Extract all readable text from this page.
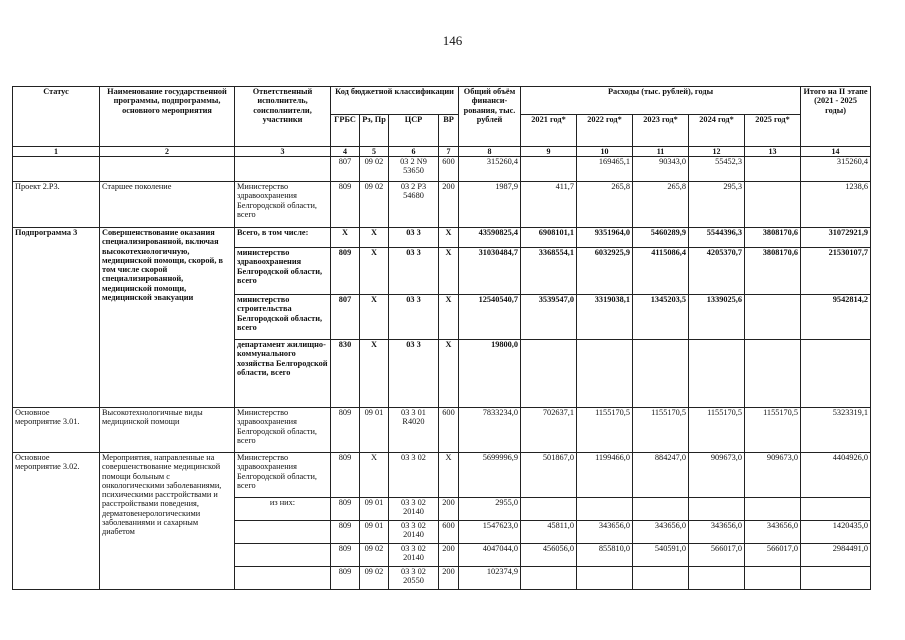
146
Статус	Наименование государственной программы, подпрограммы, основного мероприятия	Ответственный исполнитель, соисполнители, участники	Код бюджетной классификации				Общий объём финанси-рования, тыс. рублей	Расходы (тыс. рублей), годы					Итого на II этапе (2021 - 2025 годы)
			ГРБС	Рз, Пр	ЦСР	ВР		2021 год*	2022 год*	2023 год*	2024 год*	2025 год*	
1	2	3	4	5	6	7	8	9	10	11	12	13	14
			807	09 02	03 2 N9 53650	600	315260,4		169465,1	90343,0	55452,3		315260,4
Проект 2.Р3.	Старшее поколение	Министерство здравоохранения Белгородской области, всего	809	09 02	03 2 Р3 54680	200	1987,9	411,7	265,8	265,8	295,3		1238,6
Подпрограмма 3	Совершенствование оказания специализированной, включая высокотехнологичную, медицинской помощи, скорой, в том числе скорой специализированной, медицинской помощи, медицинской эвакуации	Всего, в том числе:	Х	Х	03 3	Х	43590825,4	6908101,1	9351964,0	5460289,9	5544396,3	3808170,6	31072921,9
		министерство здравоохранения Белгородской области, всего	809	Х	03 3	Х	31030484,7	3368554,1	6032925,9	4115086,4	4205370,7	3808170,6	21530107,7
		министерство строительства Белгородской области, всего	807	Х	03 3	Х	12540540,7	3539547,0	3319038,1	1345203,5	1339025,6		9542814,2
		департамент жилищно-коммунального хозяйства Белгородской области, всего	830	Х	03 3	Х	19800,0						
Основное мероприятие 3.01.	Высокотехнологичные виды медицинской помощи	Министерство здравоохранения Белгородской области, всего	809	09 01	03 3 01 R4020	600	7833234,0	702637,1	1155170,5	1155170,5	1155170,5	1155170,5	5323319,1
Основное мероприятие 3.02.	Мероприятия, направленные на совершенствование медицинской помощи больным с онкологическими заболеваниями, психическими расстройствами и расстройствами поведения, дерматовенерологическими заболеваниями и сахарным диабетом	Министерство здравоохранения Белгородской области, всего	809	Х	03 3 02	Х	5699996,9	501867,0	1199466,0	884247,0	909673,0	909673,0	4404926,0
		из них:	809	09 01	03 3 02 20140	200	2955,0						
			809	09 01	03 3 02 20140	600	1547623,0	45811,0	343656,0	343656,0	343656,0	343656,0	1420435,0
			809	09 02	03 3 02 20140	200	4047044,0	456056,0	855810,0	540591,0	566017,0	566017,0	2984491,0
			809	09 02	03 3 02 20550	200	102374,9						
